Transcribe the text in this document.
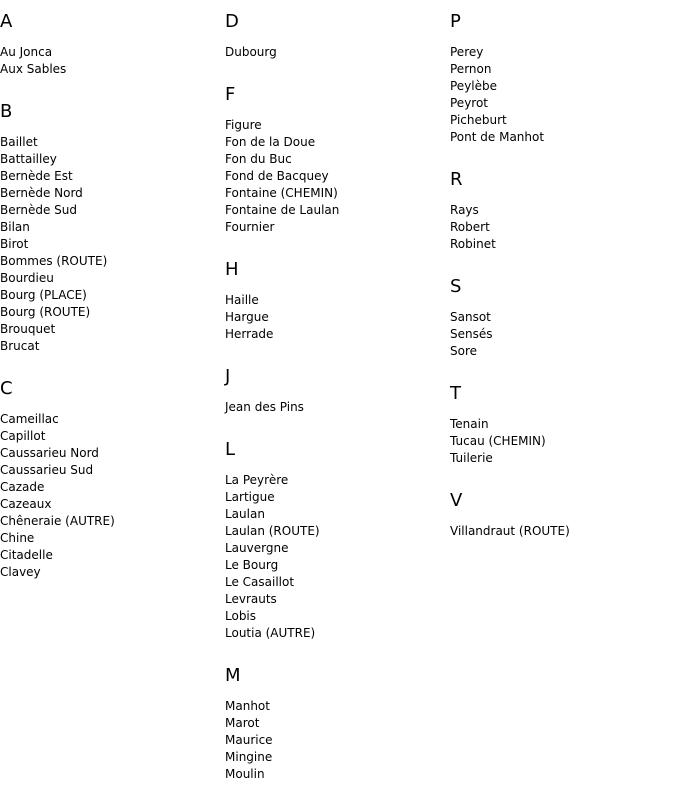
A
Au Jonca
Aux Sables
B
Baillet
Battailley
Bernède Est
Bernède Nord
Bernède Sud
Bilan
Birot
Bommes (ROUTE)
Bourdieu
Bourg (PLACE)
Bourg (ROUTE)
Brouquet
Brucat
C
Cameillac
Capillot
Caussarieu Nord
Caussarieu Sud
Cazade
Cazeaux
Chêneraie (AUTRE)
Chine
Citadelle
Clavey
D
Dubourg
F
Figure
Fon de la Doue
Fon du Buc
Fond de Bacquey
Fontaine (CHEMIN)
Fontaine de Laulan
Fournier
H
Haille
Hargue
Herrade
J
Jean des Pins
L
La Peyrère
Lartigue
Laulan
Laulan (ROUTE)
Lauvergne
Le Bourg
Le Casaillot
Levrauts
Lobis
Loutia (AUTRE)
M
Manhot
Marot
Maurice
Mingine
Moulin
P
Perey
Pernon
Peylèbe
Peyrot
Picheburt
Pont de Manhot
R
Rays
Robert
Robinet
S
Sansot
Sensés
Sore
T
Tenain
Tucau (CHEMIN)
Tuilerie
V
Villandraut (ROUTE)
